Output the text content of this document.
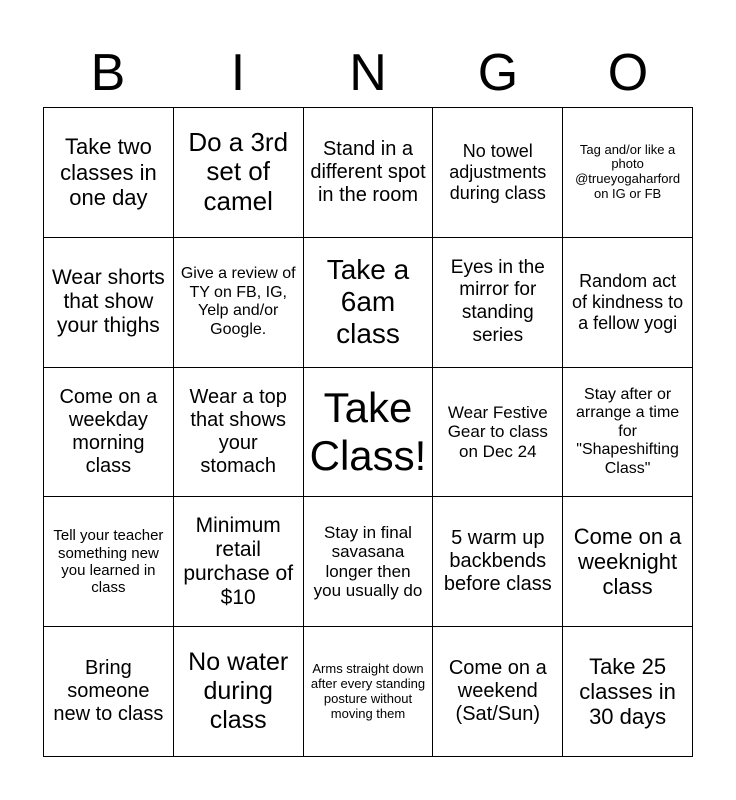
B	I	N	G	O
Take two classes in one day
Do a 3rd set of camel
Stand in a different spot in the room
No towel adjustments during class
Tag and/or like a photo @trueyogaharford on IG or FB
Wear shorts that show your thighs
Give a review of TY on FB, IG, Yelp and/or Google.
Take a 6am class
Eyes in the mirror for standing series
Random act of kindness to a fellow yogi
Come on a weekday morning class
Wear a top that shows your stomach
Take Class!
Wear Festive Gear to class on Dec 24
Stay after or arrange a time for "Shapeshifting Class"
Tell your teacher something new you learned in class
Minimum retail purchase of $10
Stay in final savasana longer then you usually do
5 warm up backbends before class
Come on a weeknight class
Bring someone new to class
No water during class
Arms straight down after every standing posture without moving them
Come on a weekend (Sat/Sun)
Take 25 classes in 30 days
